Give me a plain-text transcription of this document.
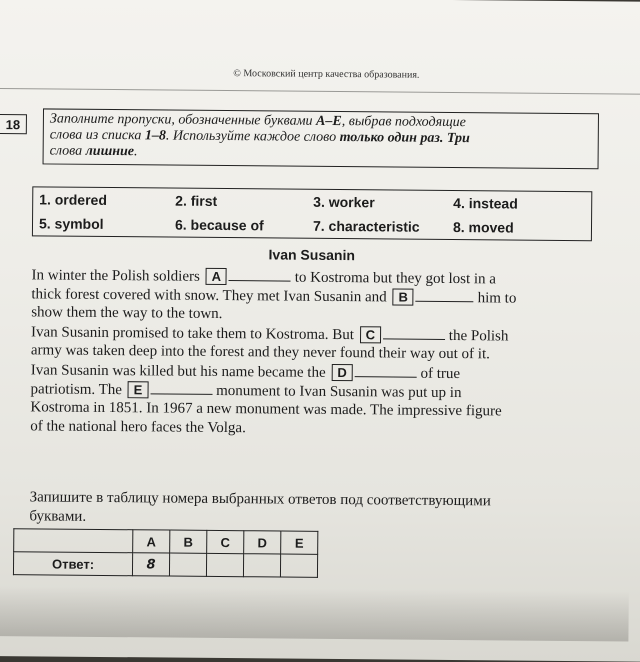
© Московский центр качества образования.
18	Заполните пропуски, обозначенные буквами А–Е, выбрав подходящие
слова из списка 1–8. Используйте каждое слово только один раз. Три
слова лишние.
1. ordered	2. first	3. worker	4. instead
5. symbol	6. because of	7. characteristic 8. moved
Ivan Susanin
In winter the Polish soldiers A	to Kostroma but they got lost in a
thick forest covered with snow. They met Ivan Susanin and B	him to
show them the way to the town.
Ivan Susanin promised to take them to Kostroma. But C	the Polish
army was taken deep into the forest and they never found their way out of it.
Ivan Susanin was killed but his name became the D	of true
patriotism. The E	monument to Ivan Susanin was put up in
Kostroma in 1851. In 1967 a new monument was made. The impressive figure
of the national hero faces the Volga.
Запишите в таблицу номера выбранных ответов под соответствующими
буквами.
	A	B	C	D	E
Ответ:	8				
